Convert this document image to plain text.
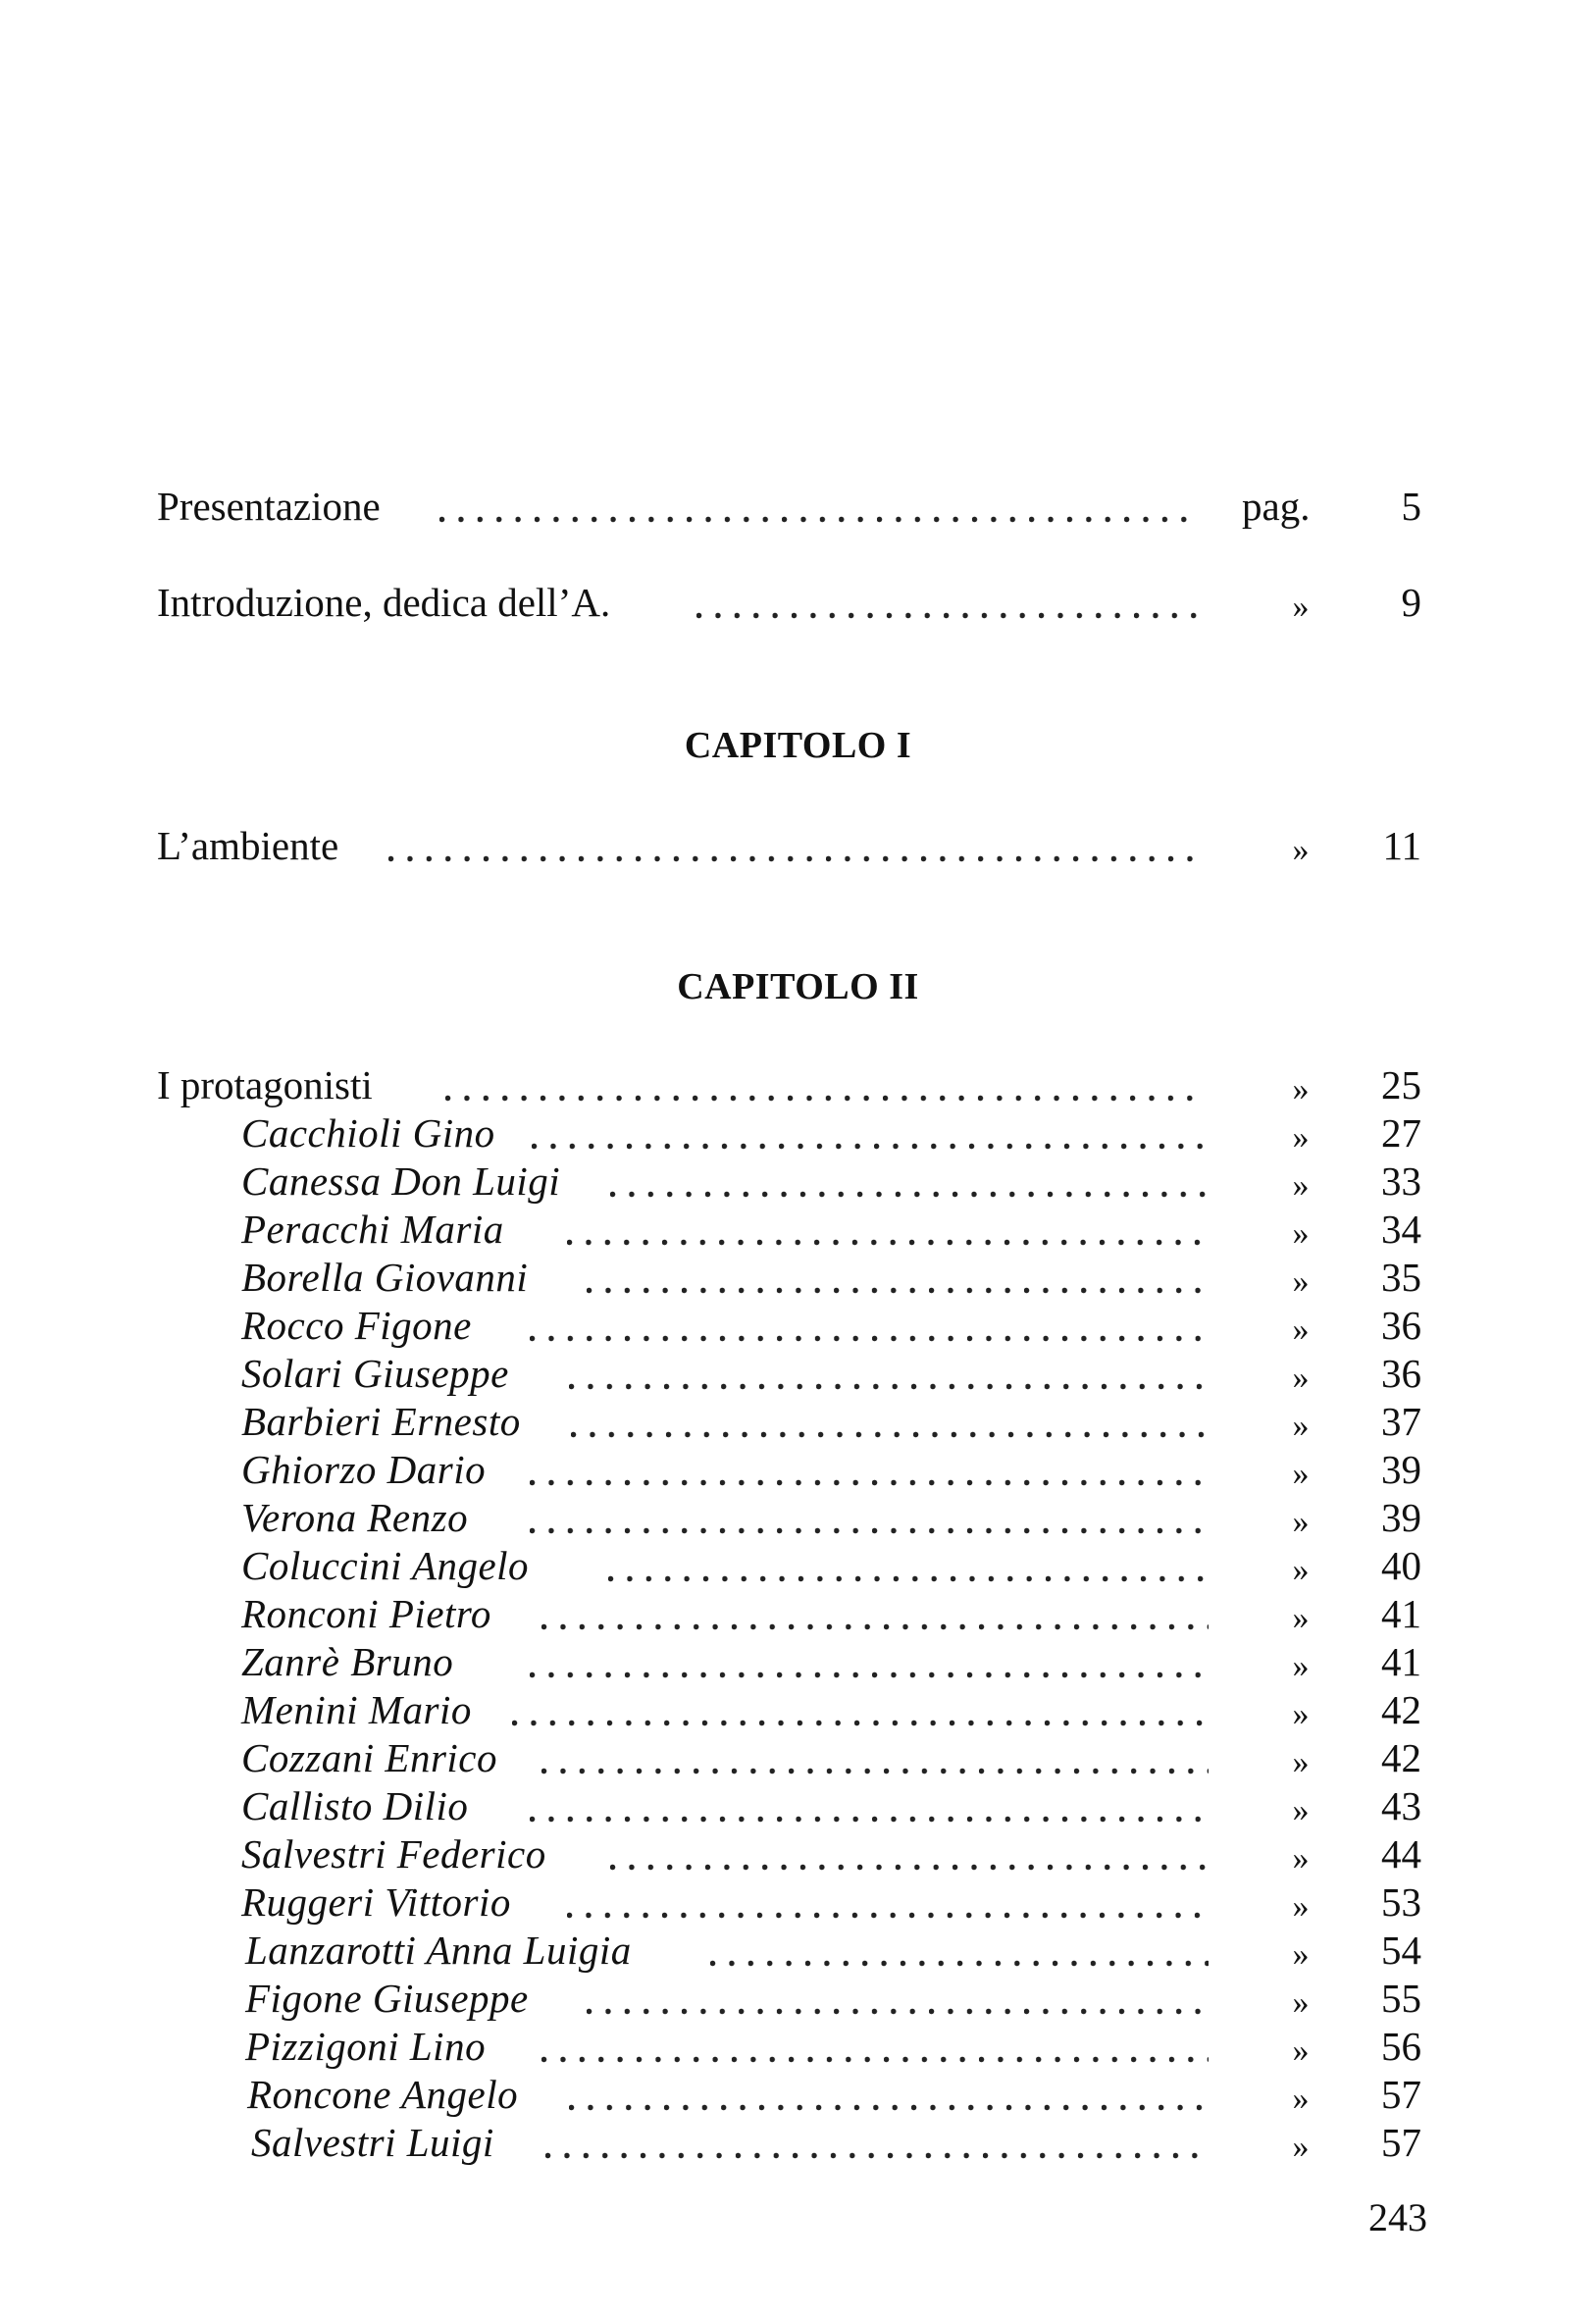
Presentazione	pag. 5
Introduzione, dedica dell’A.	» 9
CAPITOLO I
L’ambiente	» 11
CAPITOLO II
I protagonisti	» 25
Cacchioli Gino	» 27
Canessa Don Luigi	» 33
Peracchi Maria	» 34
Borella Giovanni	» 35
Rocco Figone	» 36
Solari Giuseppe	» 36
Barbieri Ernesto	» 37
Ghiorzo Dario	» 39
Verona Renzo	» 39
Coluccini Angelo	» 40
Ronconi Pietro	» 41
Zanrè Bruno	» 41
Menini Mario	» 42
Cozzani Enrico	» 42
Callisto Dilio	» 43
Salvestri Federico	» 44
Ruggeri Vittorio	» 53
Lanzarotti Anna Luigia	» 54
Figone Giuseppe	» 55
Pizzigoni Lino	» 56
Roncone Angelo	» 57
Salvestri Luigi	» 57
243
